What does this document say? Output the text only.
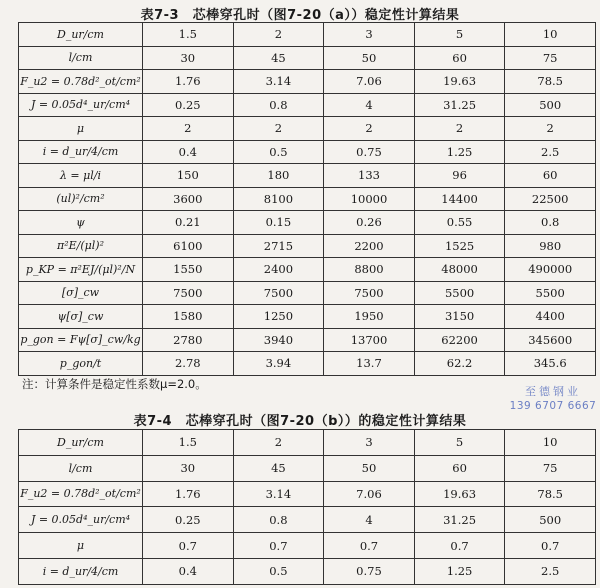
表7-3　芯棒穿孔时（图7-20（a））稳定性计算结果
D_ur/cm	1.5	2	3	5	10
l/cm	30	45	50	60	75
F_u2 = 0.78d²_ot/cm²	1.76	3.14	7.06	19.63	78.5
J = 0.05d⁴_ur/cm⁴	0.25	0.8	4	31.25	500
μ	2	2	2	2	2
i = d_ur/4/cm	0.4	0.5	0.75	1.25	2.5
λ = μl/i	150	180	133	96	60
(ul)²/cm²	3600	8100	10000	14400	22500
ψ	0.21	0.15	0.26	0.55	0.8
π²E/(μl)²	6100	2715	2200	1525	980
p_KP = π²EJ/(μl)²/N	1550	2400	8800	48000	490000
[σ]_cw	7500	7500	7500	5500	5500
ψ[σ]_cw	1580	1250	1950	3150	4400
p_gon = Fψ[σ]_cw/kg	2780	3940	13700	62200	345600
p_gon/t	2.78	3.94	13.7	62.2	345.6
注：计算条件是稳定性系数μ=2.0。
至德钢业
139 6707 6667
表7-4　芯棒穿孔时（图7-20（b））的稳定性计算结果
D_ur/cm	1.5	2	3	5	10
l/cm	30	45	50	60	75
F_u2 = 0.78d²_ot/cm²	1.76	3.14	7.06	19.63	78.5
J = 0.05d⁴_ur/cm⁴	0.25	0.8	4	31.25	500
μ	0.7	0.7	0.7	0.7	0.7
i = d_ur/4/cm	0.4	0.5	0.75	1.25	2.5
